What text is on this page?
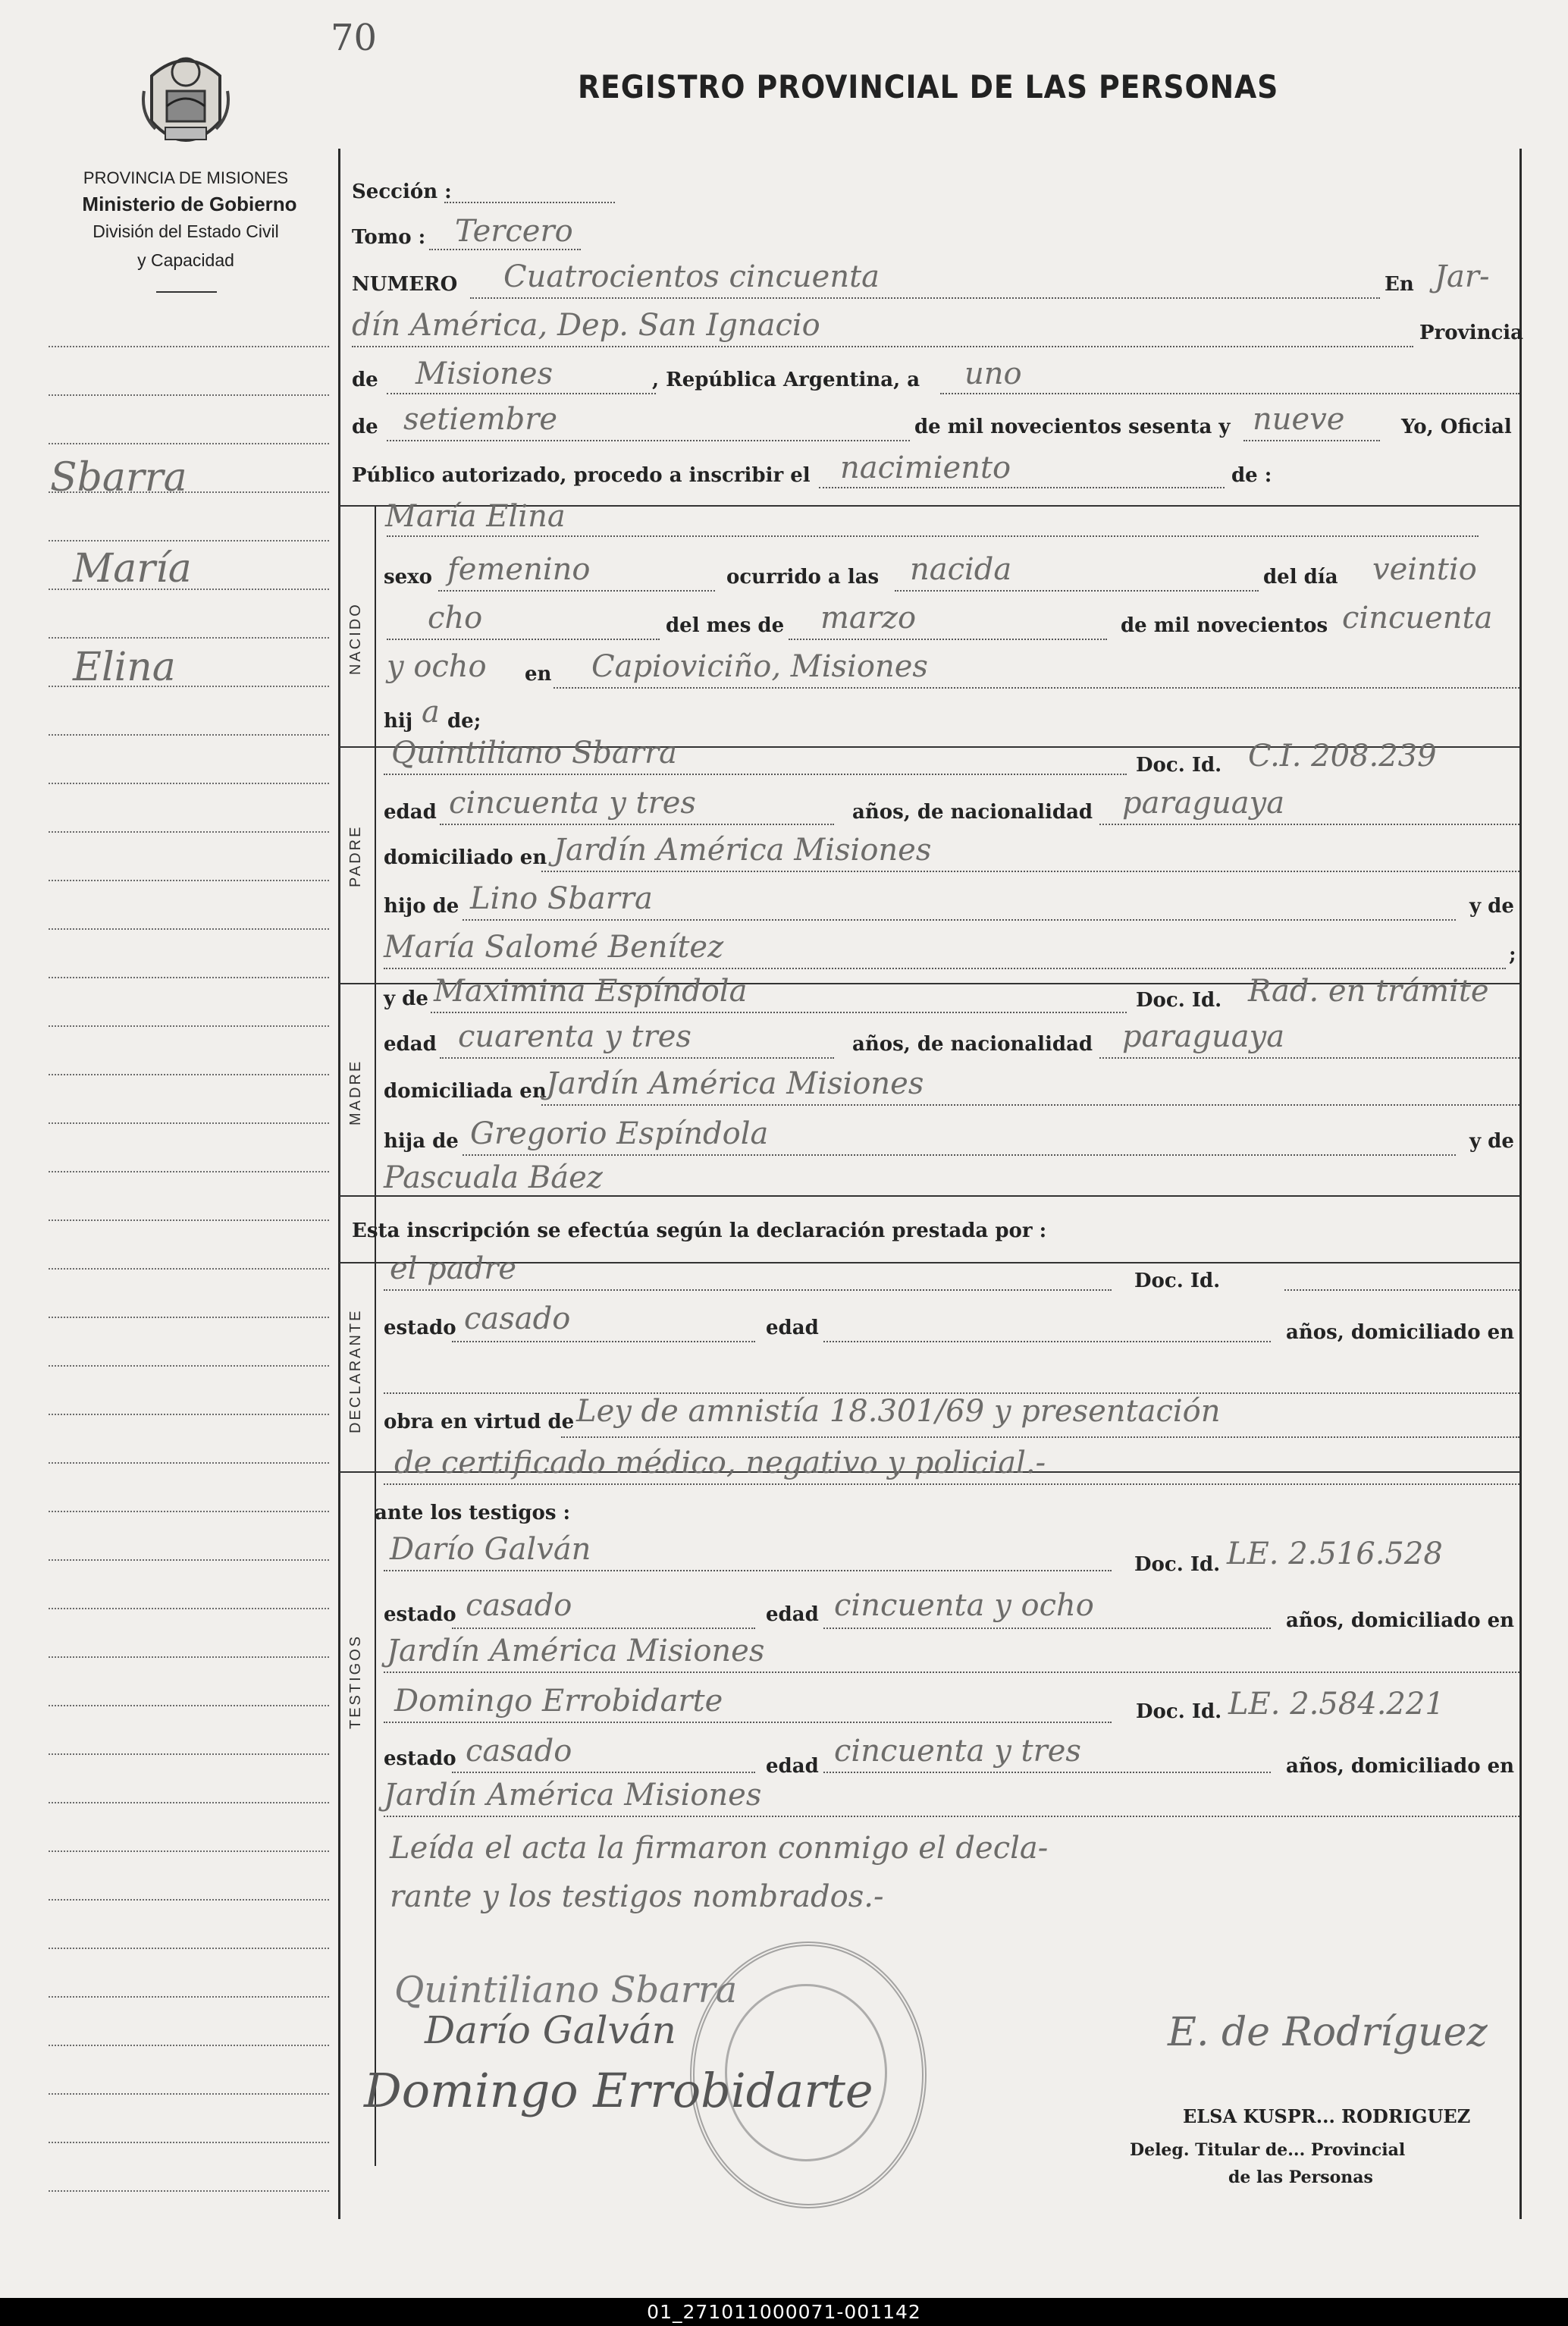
70
PROVINCIA DE MISIONES
Ministerio de Gobierno
División del Estado Civil
y Capacidad
REGISTRO PROVINCIAL DE LAS PERSONAS
Sbarra
María
Elina	NACIDO
PADRE
MADRE
DECLARANTE
TESTIGOS
Sección :
Tomo : Tercero
NUMERO Cuatrocientos cincuenta	En Jar-
dín América, Dep. San Ignacio	Provincia
de Misiones	, República Argentina, a uno
de setiembre	de mil novecientos sesenta y nueve	Yo, Oficial
Público autorizado, procedo a inscribir el nacimiento	de :
María Elina
sexo femenino	ocurrido a las nacida	del día veintio
cho	del mes de marzo	de mil novecientos cincuenta
y ocho en Capioviciño, Misiones
hij a de;
Quintiliano Sbarra	Doc. Id. C.I. 208.239
edad cincuenta y tres	años, de nacionalidad paraguaya
domiciliado en Jardín América Misiones
hijo de Lino Sbarra	y de
María Salomé Benítez	;
y de Maximina Espíndola	Doc. Id. Rad. en trámite
edad cuarenta y tres	años, de nacionalidad paraguaya
domiciliada en Jardín América Misiones
hija de Gregorio Espíndola	y de
Pascuala Báez
Esta inscripción se efectúa según la declaración prestada por :
el padre	Doc. Id.
estado casado	edad	años, domiciliado en
obra en virtud de Ley de amnistía 18.301/69 y presentación
de certificado médico, negativo y policial.-
ante los testigos :
Darío Galván	Doc. Id. LE. 2.516.528
estado casado	edad cincuenta y ocho	años, domiciliado en
Jardín América Misiones
Domingo Errobidarte	Doc. Id. LE. 2.584.221
estado casado	edad cincuenta y tres	años, domiciliado en
Jardín América Misiones
Leída el acta la firmaron conmigo el decla-
rante y los testigos nombrados.-
Quintiliano Sbarra
Darío Galván
Domingo Errobidarte
E. de Rodríguez
ELSA KUSPR... RODRIGUEZ
Deleg. Titular de... Provincial
de las Personas
01_271011000071-001142
